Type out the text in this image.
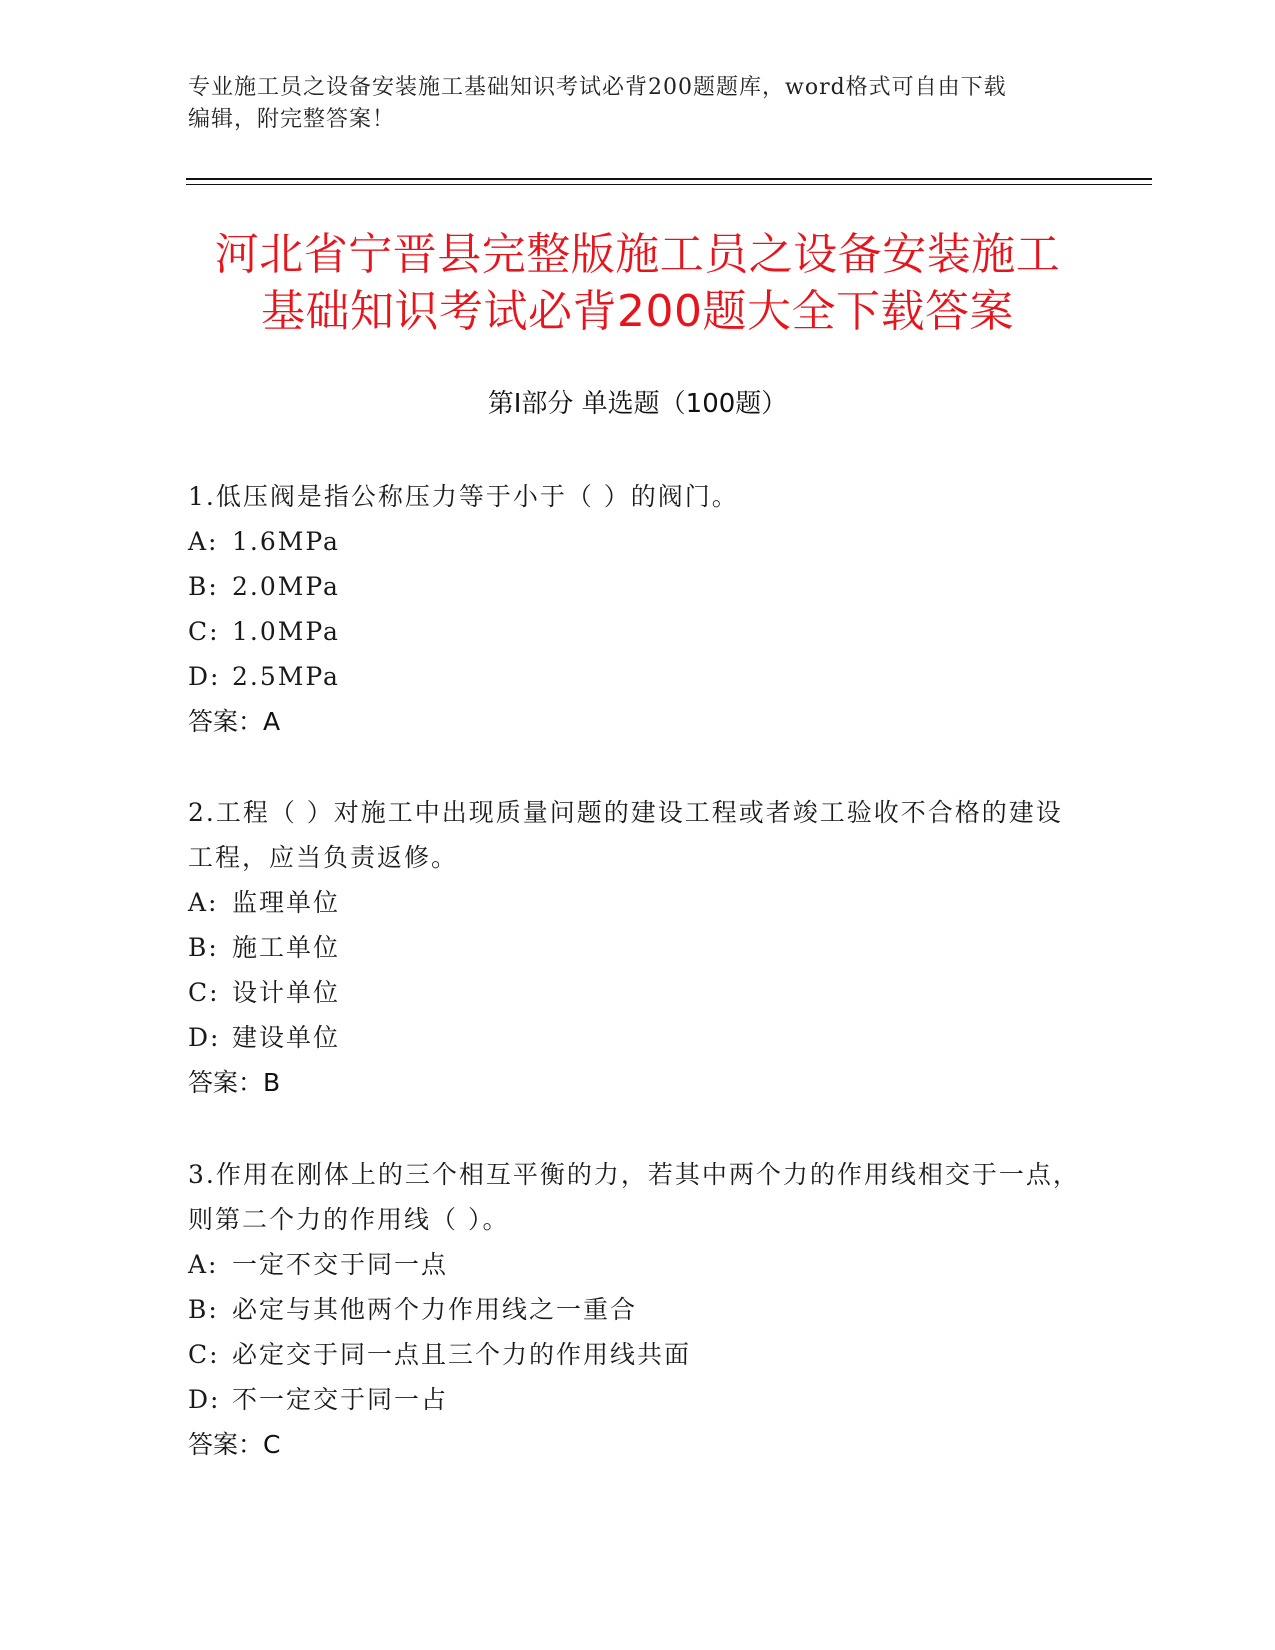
专业施工员之设备安装施工基础知识考试必背200题题库，word格式可自由下载
编辑，附完整答案！
河北省宁晋县完整版施工员之设备安装施工
基础知识考试必背200题大全下载答案
第Ⅰ部分 单选题（100题）
1.低压阀是指公称压力等于小于（ ）的阀门。
A: 1.6MPa
B: 2.0MPa
C: 1.0MPa
D: 2.5MPa
答案：A
2.工程（ ）对施工中出现质量问题的建设工程或者竣工验收不合格的建设工程，应当负责返修。
A: 监理单位
B: 施工单位
C: 设计单位
D: 建设单位
答案：B
3.作用在刚体上的三个相互平衡的力，若其中两个力的作用线相交于一点，则第二个力的作用线（ ）。
A: 一定不交于同一点
B: 必定与其他两个力作用线之一重合
C: 必定交于同一点且三个力的作用线共面
D: 不一定交于同一占
答案：C
